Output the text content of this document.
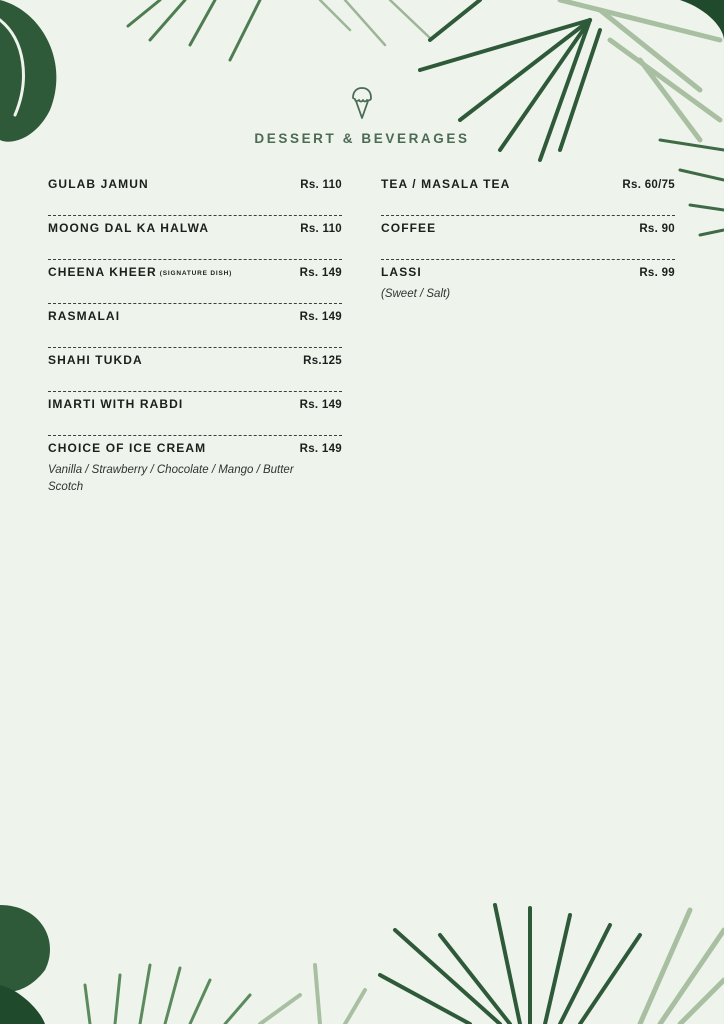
DESSERT & BEVERAGES
GULAB JAMUN	Rs. 110
MOONG DAL KA HALWA	Rs. 110
CHEENA KHEER (SIGNATURE DISH)	Rs. 149
RASMALAI	Rs. 149
SHAHI TUKDA	Rs.125
IMARTI WITH RABDI	Rs. 149
CHOICE OF ICE CREAM	Rs. 149
Vanilla / Strawberry / Chocolate / Mango / Butter Scotch
TEA / MASALA TEA	Rs. 60/75
COFFEE	Rs. 90
LASSI	Rs. 99
(Sweet / Salt)
